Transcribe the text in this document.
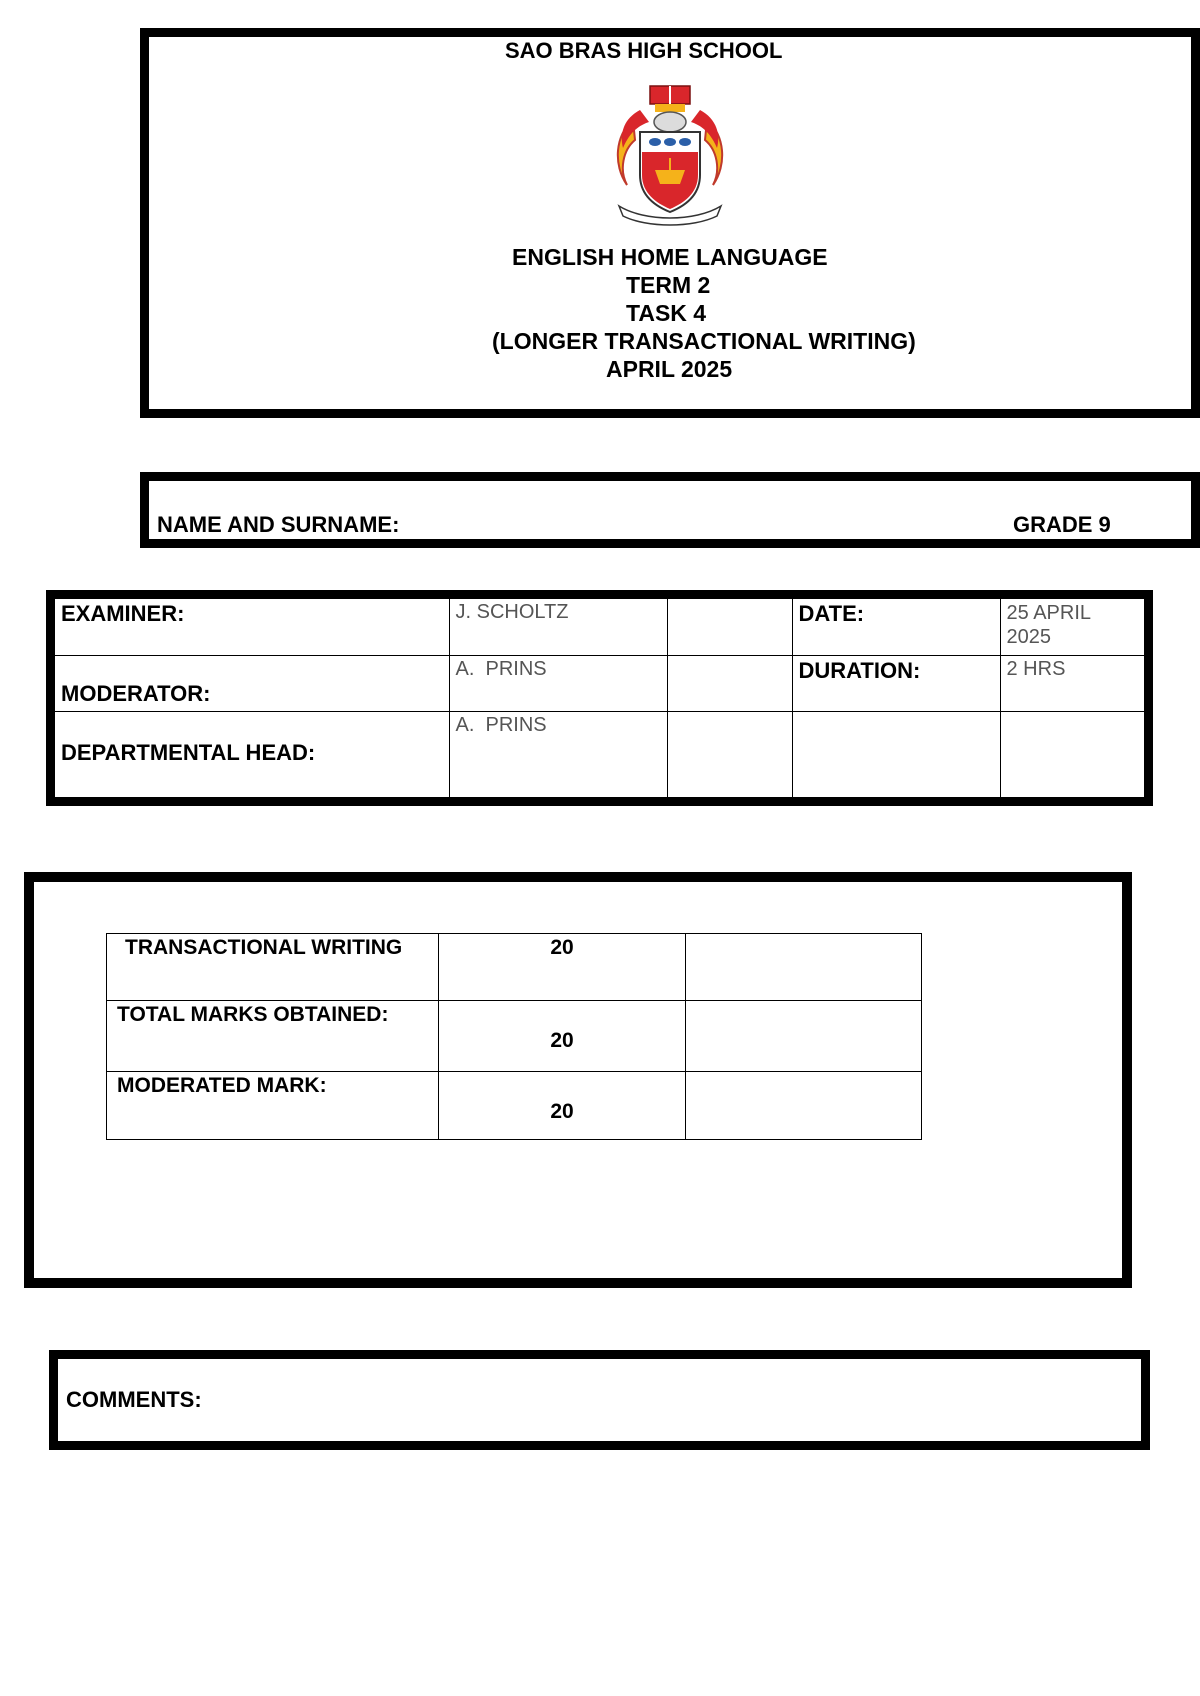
SAO BRAS HIGH SCHOOL
ENGLISH HOME LANGUAGE
TERM 2
TASK 4
(LONGER TRANSACTIONAL WRITING)
APRIL 2025
NAME AND SURNAME:	GRADE 9
EXAMINER:	J. SCHOLTZ		DATE:	25 APRIL 2025
MODERATOR:	A.  PRINS		DURATION:	2 HRS
DEPARTMENTAL HEAD:	A.  PRINS			
TRANSACTIONAL WRITING	20	
TOTAL MARKS OBTAINED:	20	
MODERATED MARK:	20	
COMMENTS:
